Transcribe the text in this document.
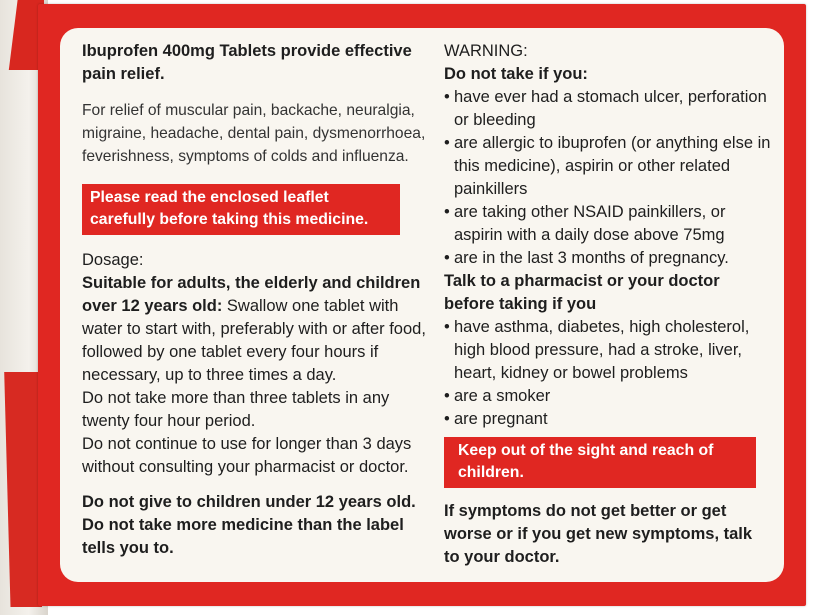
Ibuprofen 400mg Tablets provide effective pain relief.
For relief of muscular pain, backache, neuralgia, migraine, headache, dental pain, dysmenorrhoea, feverishness, symptoms of colds and influenza.
Please read the enclosed leaflet carefully before taking this medicine.
Dosage:
Suitable for adults, the elderly and children over 12 years old: Swallow one tablet with water to start with, preferably with or after food, followed by one tablet every four hours if necessary, up to three times a day.
Do not take more than three tablets in any twenty four hour period.
Do not continue to use for longer than 3 days without consulting your pharmacist or doctor.
Do not give to children under 12 years old.
Do not take more medicine than the label tells you to.
WARNING:
Do not take if you:
• have ever had a stomach ulcer, perforation or bleeding
• are allergic to ibuprofen (or anything else in this medicine), aspirin or other related painkillers
• are taking other NSAID painkillers, or aspirin with a daily dose above 75mg
• are in the last 3 months of pregnancy.
Talk to a pharmacist or your doctor before taking if you
• have asthma, diabetes, high cholesterol, high blood pressure, had a stroke, liver, heart, kidney or bowel problems
• are a smoker
• are pregnant
Keep out of the sight and reach of children.
If symptoms do not get better or get worse or if you get new symptoms, talk to your doctor.
